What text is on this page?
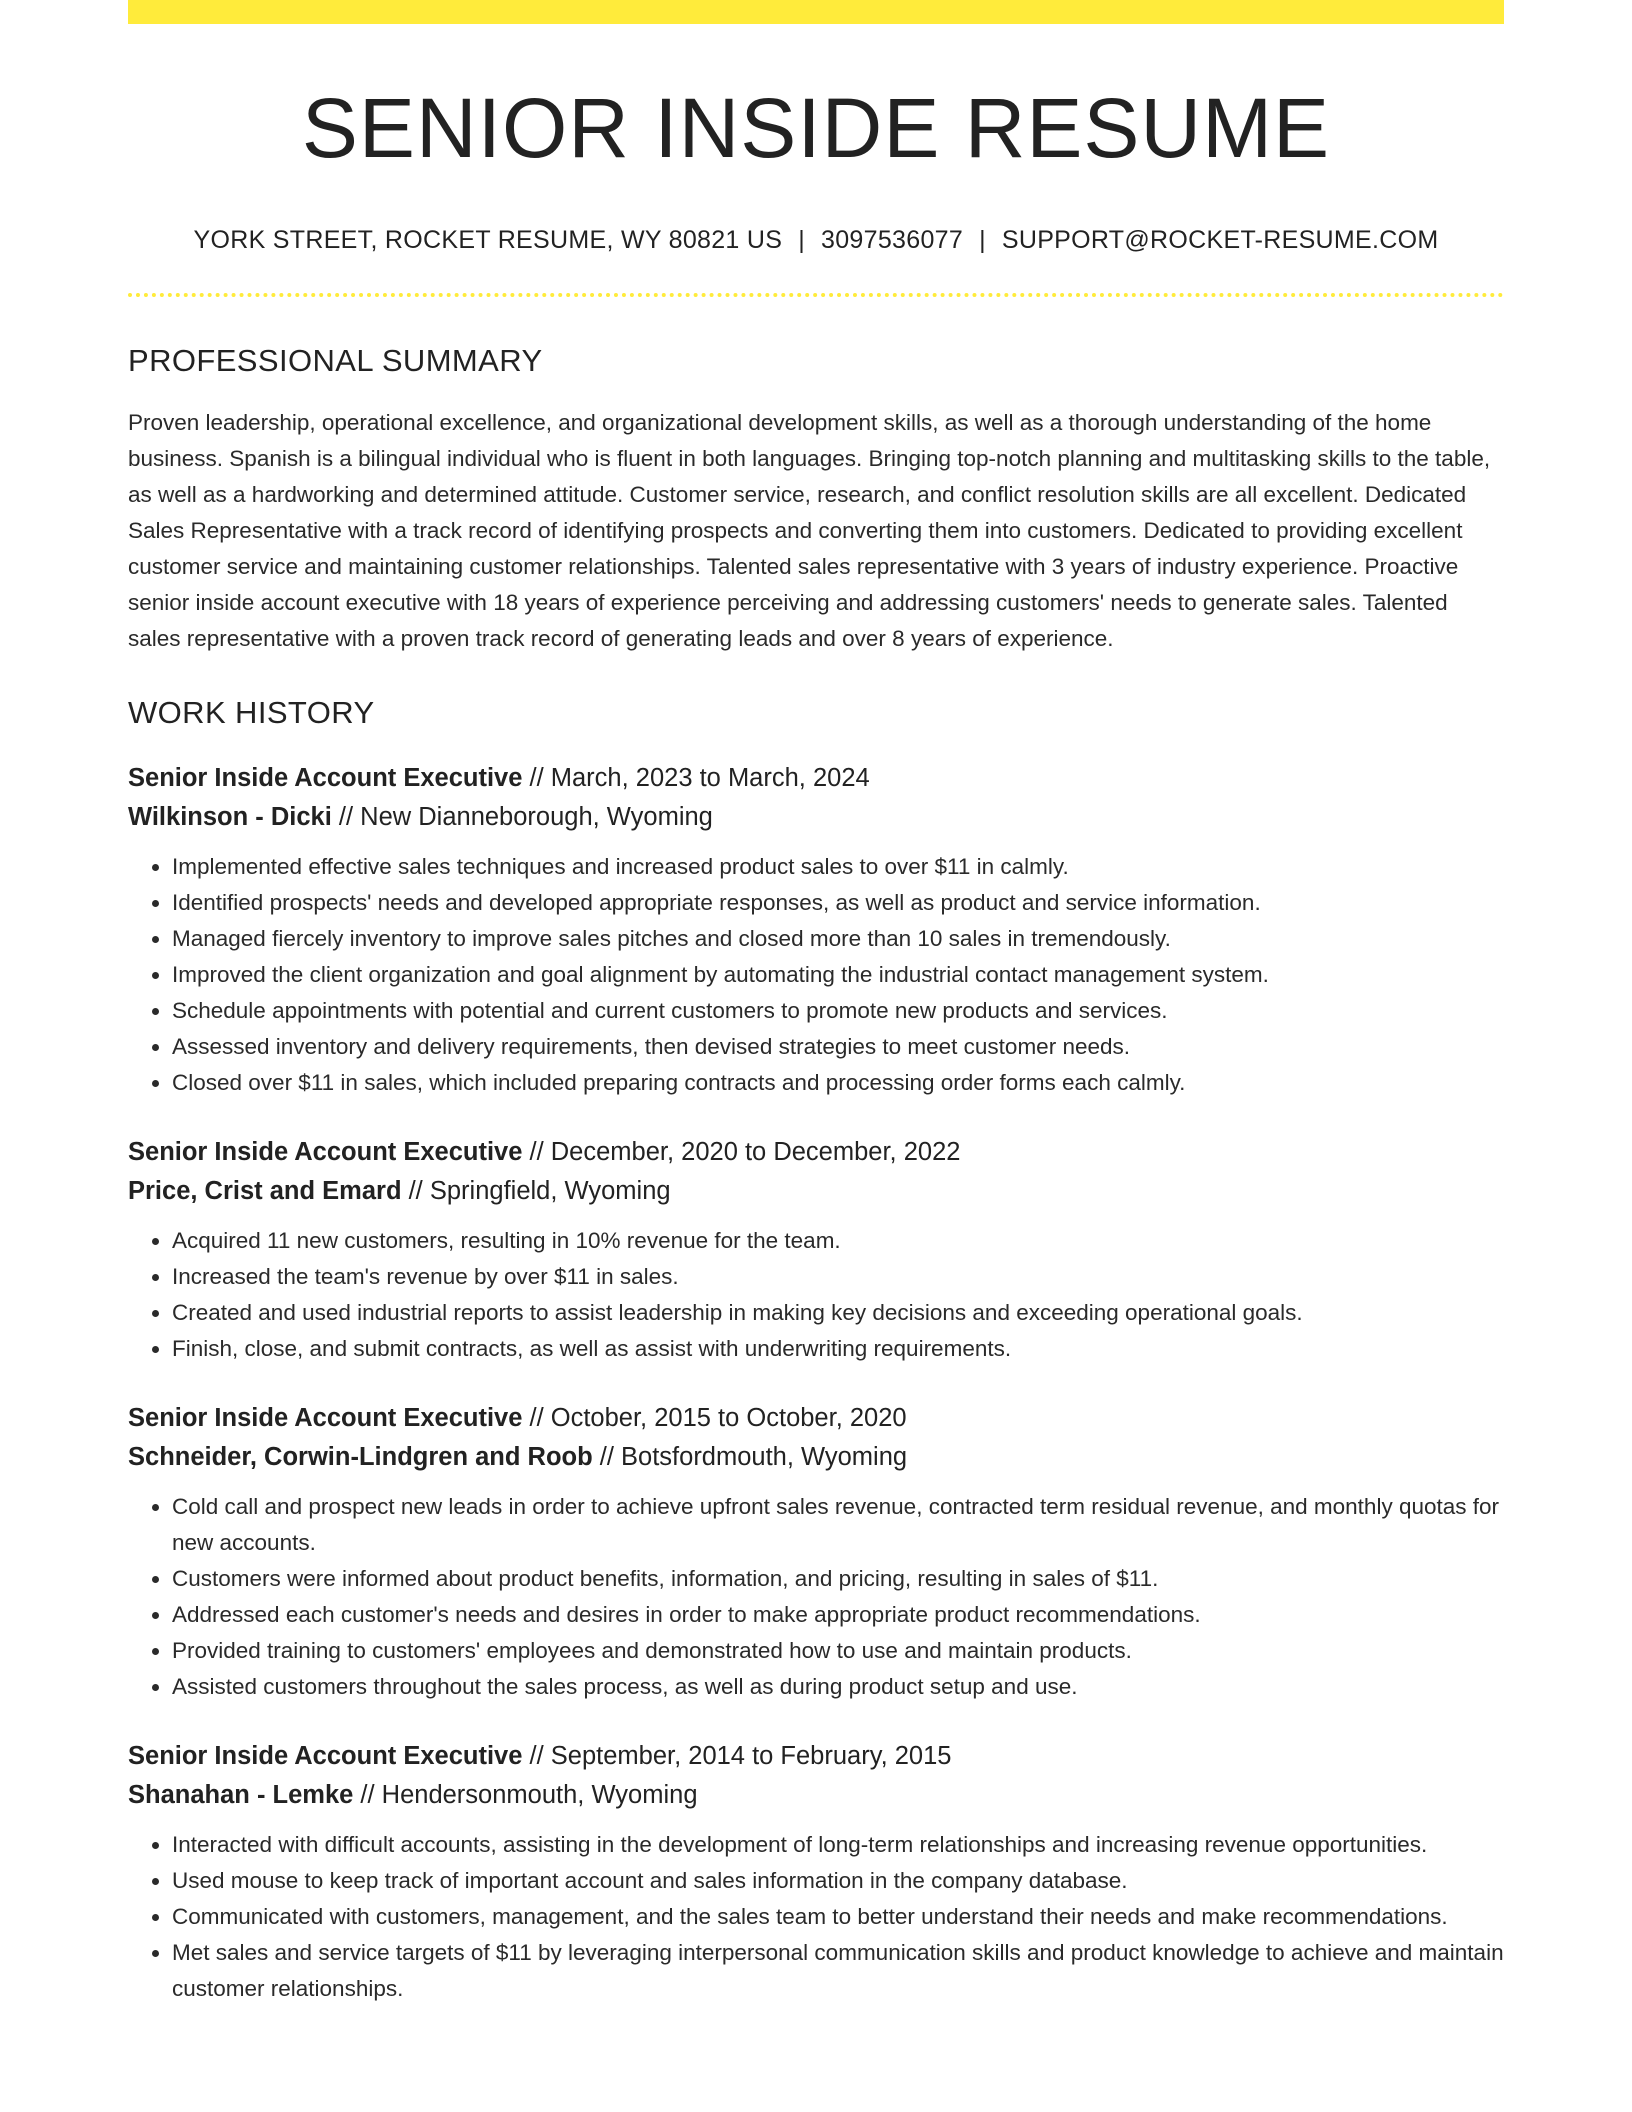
SENIOR INSIDE RESUME
YORK STREET, ROCKET RESUME, WY 80821 US | 3097536077 | SUPPORT@ROCKET-RESUME.COM
PROFESSIONAL SUMMARY
Proven leadership, operational excellence, and organizational development skills, as well as a thorough understanding of the home business. Spanish is a bilingual individual who is fluent in both languages. Bringing top-notch planning and multitasking skills to the table, as well as a hardworking and determined attitude. Customer service, research, and conflict resolution skills are all excellent. Dedicated Sales Representative with a track record of identifying prospects and converting them into customers. Dedicated to providing excellent customer service and maintaining customer relationships. Talented sales representative with 3 years of industry experience. Proactive senior inside account executive with 18 years of experience perceiving and addressing customers' needs to generate sales. Talented sales representative with a proven track record of generating leads and over 8 years of experience.
WORK HISTORY
Senior Inside Account Executive // March, 2023 to March, 2024
Wilkinson - Dicki // New Dianneborough, Wyoming
• Implemented effective sales techniques and increased product sales to over $11 in calmly.
• Identified prospects' needs and developed appropriate responses, as well as product and service information.
• Managed fiercely inventory to improve sales pitches and closed more than 10 sales in tremendously.
• Improved the client organization and goal alignment by automating the industrial contact management system.
• Schedule appointments with potential and current customers to promote new products and services.
• Assessed inventory and delivery requirements, then devised strategies to meet customer needs.
• Closed over $11 in sales, which included preparing contracts and processing order forms each calmly.
Senior Inside Account Executive // December, 2020 to December, 2022
Price, Crist and Emard // Springfield, Wyoming
• Acquired 11 new customers, resulting in 10% revenue for the team.
• Increased the team's revenue by over $11 in sales.
• Created and used industrial reports to assist leadership in making key decisions and exceeding operational goals.
• Finish, close, and submit contracts, as well as assist with underwriting requirements.
Senior Inside Account Executive // October, 2015 to October, 2020
Schneider, Corwin-Lindgren and Roob // Botsfordmouth, Wyoming
• Cold call and prospect new leads in order to achieve upfront sales revenue, contracted term residual revenue, and monthly quotas for new accounts.
• Customers were informed about product benefits, information, and pricing, resulting in sales of $11.
• Addressed each customer's needs and desires in order to make appropriate product recommendations.
• Provided training to customers' employees and demonstrated how to use and maintain products.
• Assisted customers throughout the sales process, as well as during product setup and use.
Senior Inside Account Executive // September, 2014 to February, 2015
Shanahan - Lemke // Hendersonmouth, Wyoming
• Interacted with difficult accounts, assisting in the development of long-term relationships and increasing revenue opportunities.
• Used mouse to keep track of important account and sales information in the company database.
• Communicated with customers, management, and the sales team to better understand their needs and make recommendations.
• Met sales and service targets of $11 by leveraging interpersonal communication skills and product knowledge to achieve and maintain customer relationships.
